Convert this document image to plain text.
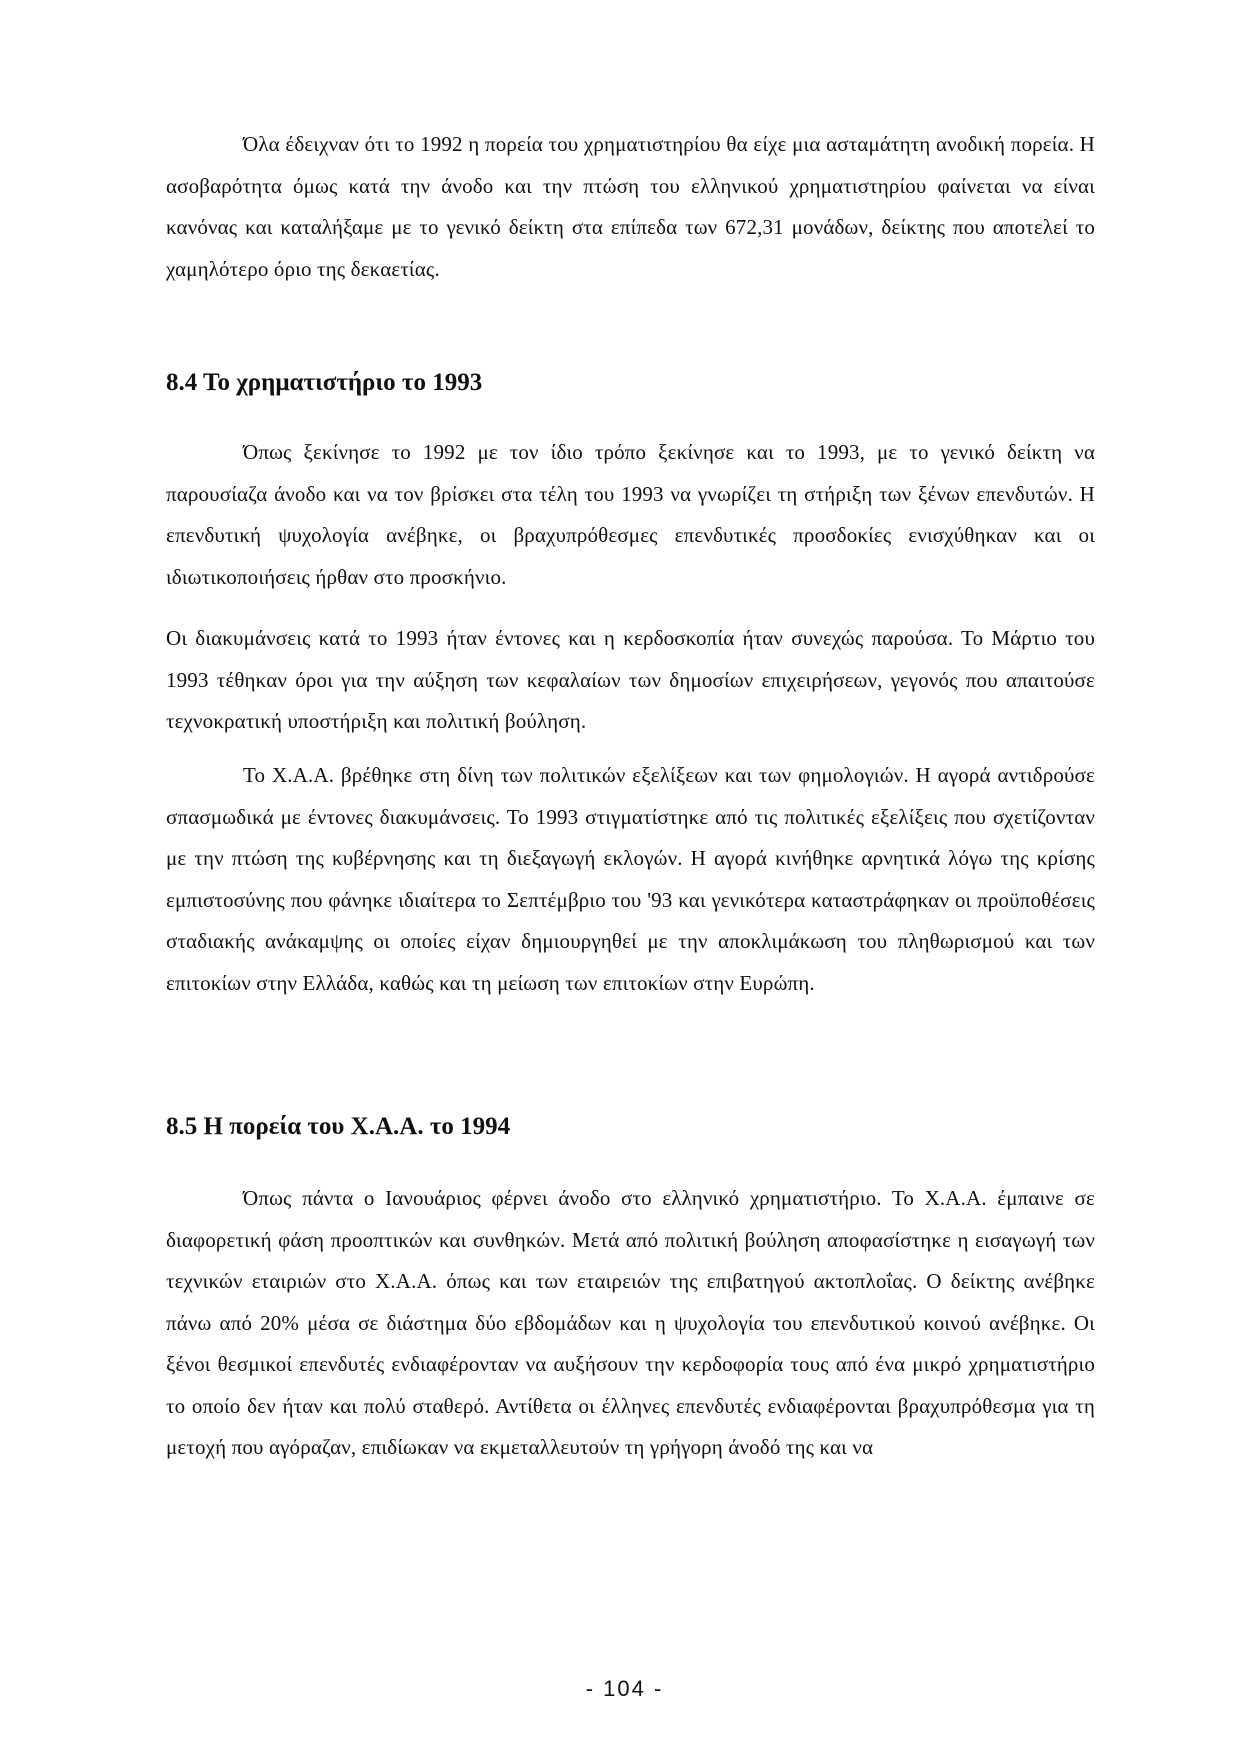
Όλα έδειχναν ότι το 1992 η πορεία του χρηματιστηρίου θα είχε μια ασταμάτητη ανοδική πορεία. Η ασοβαρότητα όμως κατά την άνοδο και την πτώση του ελληνικού χρηματιστηρίου φαίνεται να είναι κανόνας και καταλήξαμε με το γενικό δείκτη στα επίπεδα των 672,31 μονάδων, δείκτης που αποτελεί το χαμηλότερο όριο της δεκαετίας.

8.4 Το χρηματιστήριο το 1993

Όπως ξεκίνησε το 1992 με τον ίδιο τρόπο ξεκίνησε και το 1993, με το γενικό δείκτη να παρουσίαζα άνοδο και να τον βρίσκει στα τέλη του 1993 να γνωρίζει τη στήριξη των ξένων επενδυτών. Η επενδυτική ψυχολογία ανέβηκε, οι βραχυπρόθεσμες επενδυτικές προσδοκίες ενισχύθηκαν και οι ιδιωτικοποιήσεις ήρθαν στο προσκήνιο.

Οι διακυμάνσεις κατά το 1993 ήταν έντονες και η κερδοσκοπία ήταν συνεχώς παρούσα. Το Μάρτιο του 1993 τέθηκαν όροι για την αύξηση των κεφαλαίων των δημοσίων επιχειρήσεων, γεγονός που απαιτούσε τεχνοκρατική υποστήριξη και πολιτική βούληση.

Το Χ.Α.Α. βρέθηκε στη δίνη των πολιτικών εξελίξεων και των φημολογιών. Η αγορά αντιδρούσε σπασμωδικά με έντονες διακυμάνσεις. Το 1993 στιγματίστηκε από τις πολιτικές εξελίξεις που σχετίζονταν με την πτώση της κυβέρνησης και τη διεξαγωγή εκλογών. Η αγορά κινήθηκε αρνητικά λόγω της κρίσης εμπιστοσύνης που φάνηκε ιδιαίτερα το Σεπτέμβριο του '93 και γενικότερα καταστράφηκαν οι προϋποθέσεις σταδιακής ανάκαμψης οι οποίες είχαν δημιουργηθεί με την αποκλιμάκωση του πληθωρισμού και των επιτοκίων στην Ελλάδα, καθώς και τη μείωση των επιτοκίων στην Ευρώπη.

8.5 Η πορεία του Χ.Α.Α. το 1994

Όπως πάντα ο Ιανουάριος φέρνει άνοδο στο ελληνικό χρηματιστήριο. Το Χ.Α.Α. έμπαινε σε διαφορετική φάση προοπτικών και συνθηκών. Μετά από πολιτική βούληση αποφασίστηκε η εισαγωγή των τεχνικών εταιριών στο Χ.Α.Α. όπως και των εταιρειών της επιβατηγού ακτοπλοΐας. Ο δείκτης ανέβηκε πάνω από 20% μέσα σε διάστημα δύο εβδομάδων και η ψυχολογία του επενδυτικού κοινού ανέβηκε. Οι ξένοι θεσμικοί επενδυτές ενδιαφέρονταν να αυξήσουν την κερδοφορία τους από ένα μικρό χρηματιστήριο το οποίο δεν ήταν και πολύ σταθερό. Αντίθετα οι έλληνες επενδυτές ενδιαφέρονται βραχυπρόθεσμα για τη μετοχή που αγόραζαν, επιδίωκαν να εκμεταλλευτούν τη γρήγορη άνοδό της και να

- 104 -
